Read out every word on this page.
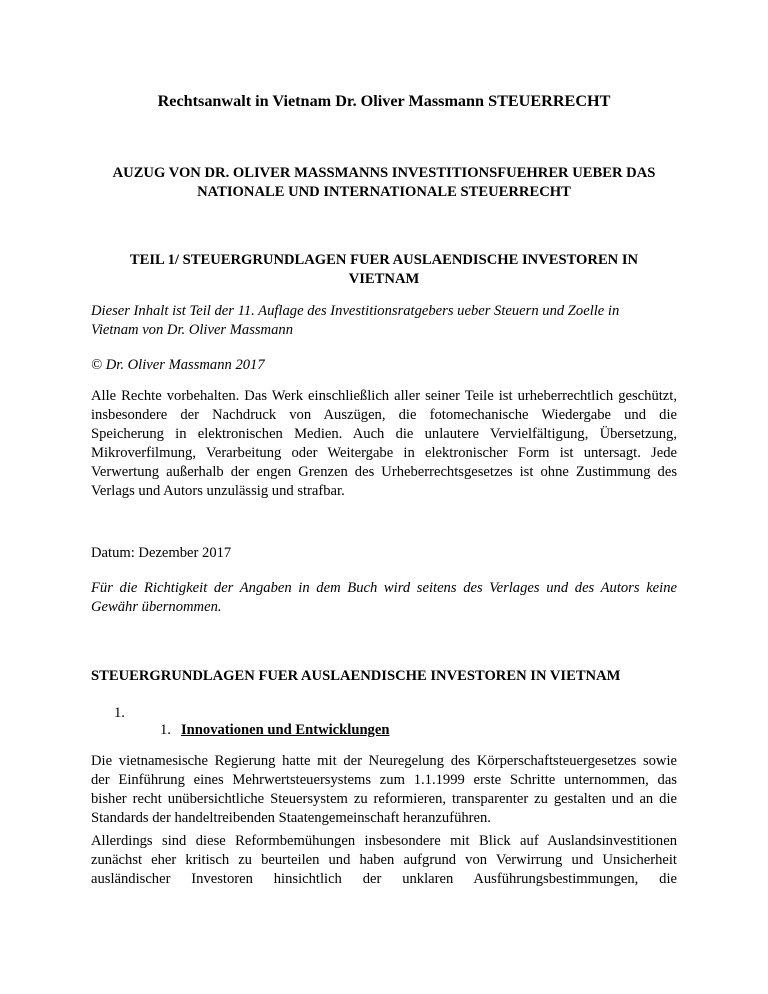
Rechtsanwalt in Vietnam Dr. Oliver Massmann STEUERRECHT
AUZUG VON DR. OLIVER MASSMANNS INVESTITIONSFUEHRER UEBER DAS
NATIONALE UND INTERNATIONALE STEUERRECHT
TEIL 1/ STEUERGRUNDLAGEN FUER AUSLAENDISCHE INVESTOREN IN
VIETNAM
Dieser Inhalt ist Teil der 11. Auflage des Investitionsratgebers ueber Steuern und Zoelle in
Vietnam von Dr. Oliver Massmann
© Dr. Oliver Massmann 2017
Alle Rechte vorbehalten. Das Werk einschließlich aller seiner Teile ist urheberrechtlich geschützt,
insbesondere der Nachdruck von Auszügen, die fotomechanische Wiedergabe und die
Speicherung in elektronischen Medien. Auch die unlautere Vervielfältigung, Übersetzung,
Mikroverfilmung, Verarbeitung oder Weitergabe in elektronischer Form ist untersagt. Jede
Verwertung außerhalb der engen Grenzen des Urheberrechtsgesetzes ist ohne Zustimmung des
Verlags und Autors unzulässig und strafbar.
Datum: Dezember 2017
Für die Richtigkeit der Angaben in dem Buch wird seitens des Verlages und des Autors keine
Gewähr übernommen.
STEUERGRUNDLAGEN FUER AUSLAENDISCHE INVESTOREN IN VIETNAM
1.
1. Innovationen und Entwicklungen
Die vietnamesische Regierung hatte mit der Neuregelung des Körperschaftsteuergesetzes sowie
der Einführung eines Mehrwertsteuersystems zum 1.1.1999 erste Schritte unternommen, das
bisher recht unübersichtliche Steuersystem zu reformieren, transparenter zu gestalten und an die
Standards der handeltreibenden Staatengemeinschaft heranzuführen.
Allerdings sind diese Reformbemühungen insbesondere mit Blick auf Auslandsinvestitionen
zunächst eher kritisch zu beurteilen und haben aufgrund von Verwirrung und Unsicherheit
ausländischer Investoren hinsichtlich der unklaren Ausführungsbestimmungen, die
